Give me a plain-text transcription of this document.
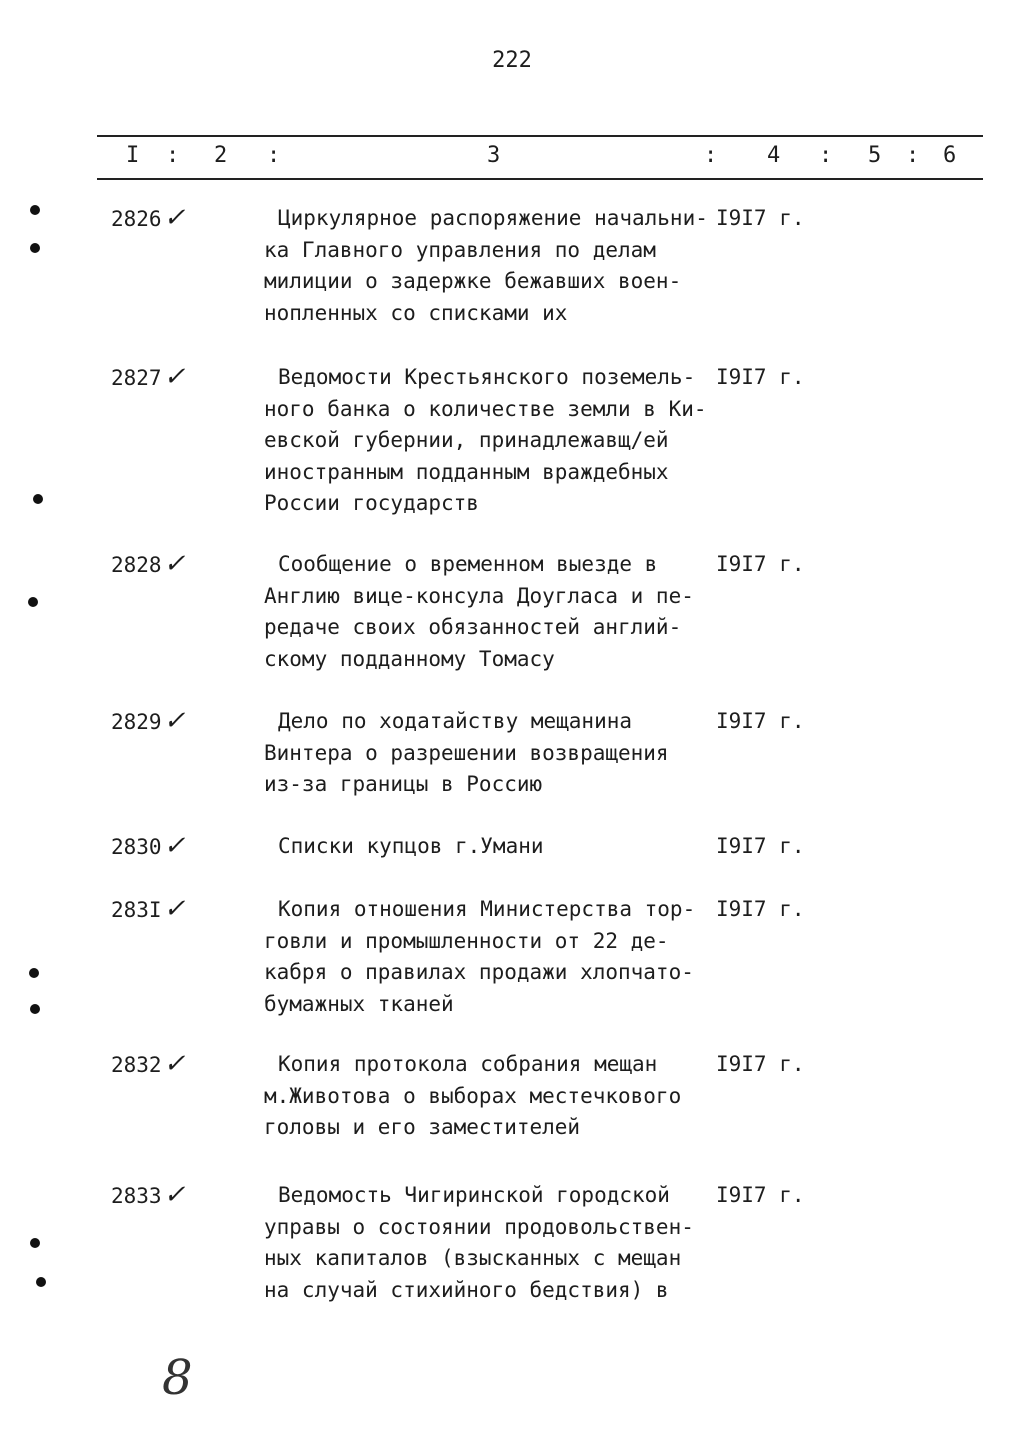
222
I : 2 :	3	: 4 : 5 : 6
2826✓	Циркулярное распоряжение начальни-
ка Главного управления по делам
милиции о задержке бежавших воен-
нопленных со списками их
I9I7 г.
2827✓	Ведомости Крестьянского поземель-
ного банка о количестве земли в Ки-
евской губернии, принадлежавщ/ей
иностранным подданным враждебных
России государств
I9I7 г.
2828✓	Сообщение о временном выезде в
Англию вице-консула Доугласа и пе-
редаче своих обязанностей англий-
скому подданному Томасу
I9I7 г.
2829✓	Дело по ходатайству мещанина
Винтера о разрешении возвращения
из-за границы в Россию
I9I7 г.
2830✓	Списки купцов г.Умани	I9I7 г.
283I✓	Копия отношения Министерства тор-
говли и промышленности от 22 де-
кабря о правилах продажи хлопчато-
бумажных тканей
I9I7 г.
2832✓	Копия протокола собрания мещан
м.Животова о выборах местечкового
головы и его заместителей
I9I7 г.
2833✓	Ведомость Чигиринской городской
управы о состоянии продовольствен-
ных капиталов (взысканных с мещан
на случай стихийного бедствия) в
I9I7 г.
8
